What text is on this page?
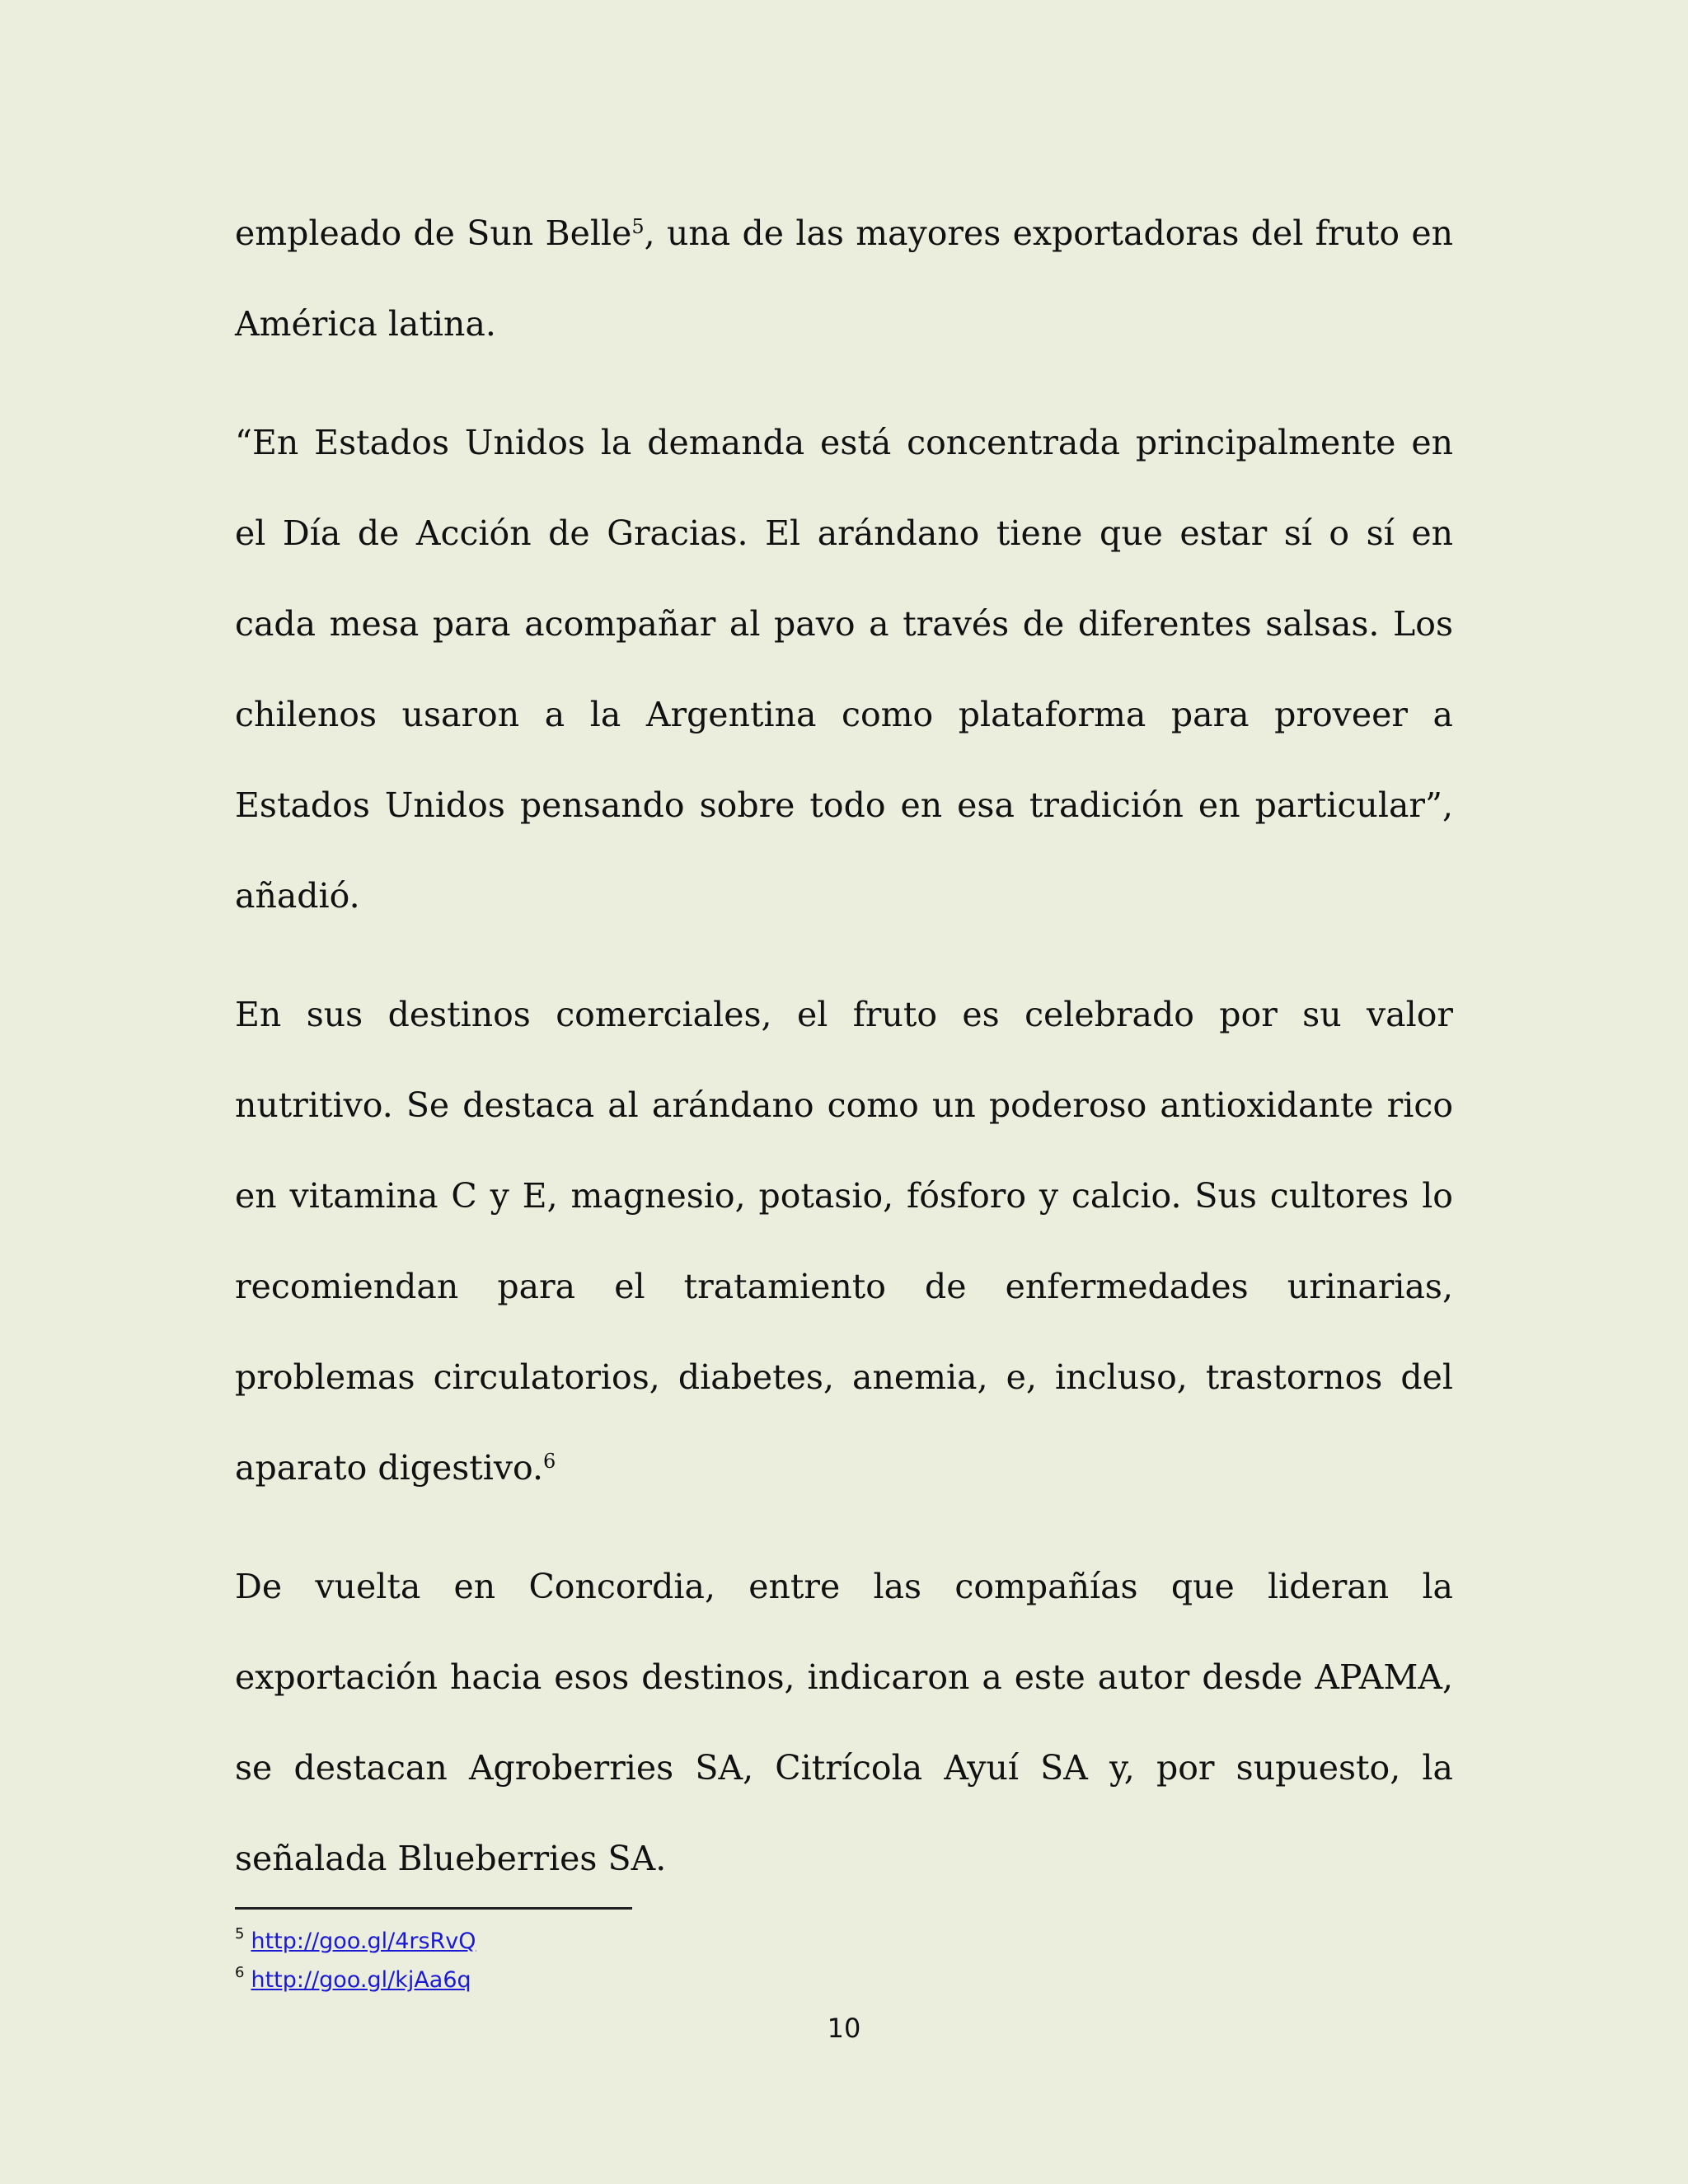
empleado de Sun Belle$^5$, una de las mayores exportadoras del fruto en América latina.

“En Estados Unidos la demanda está concentrada principalmente en el Día de Acción de Gracias. El arándano tiene que estar sí o sí en cada mesa para acompañar al pavo a través de diferentes salsas. Los chilenos usaron a la Argentina como plataforma para proveer a Estados Unidos pensando sobre todo en esa tradición en particular”, añadió.

En sus destinos comerciales, el fruto es celebrado por su valor nutritivo. Se destaca al arándano como un poderoso antioxidante rico en vitamina C y E, magnesio, potasio, fósforo y calcio. Sus cultores lo recomiendan para el tratamiento de enfermedades urinarias, problemas circulatorios, diabetes, anemia, e, incluso, trastornos del aparato digestivo.$^6$

De vuelta en Concordia, entre las compañías que lideran la exportación hacia esos destinos, indicaron a este autor desde APAMA, se destacan Agroberries SA, Citrícola Ayuí SA y, por supuesto, la señalada Blueberries SA.

$^5$ http://goo.gl/4rsRvQ
$^6$ http://goo.gl/kjAa6q
10
